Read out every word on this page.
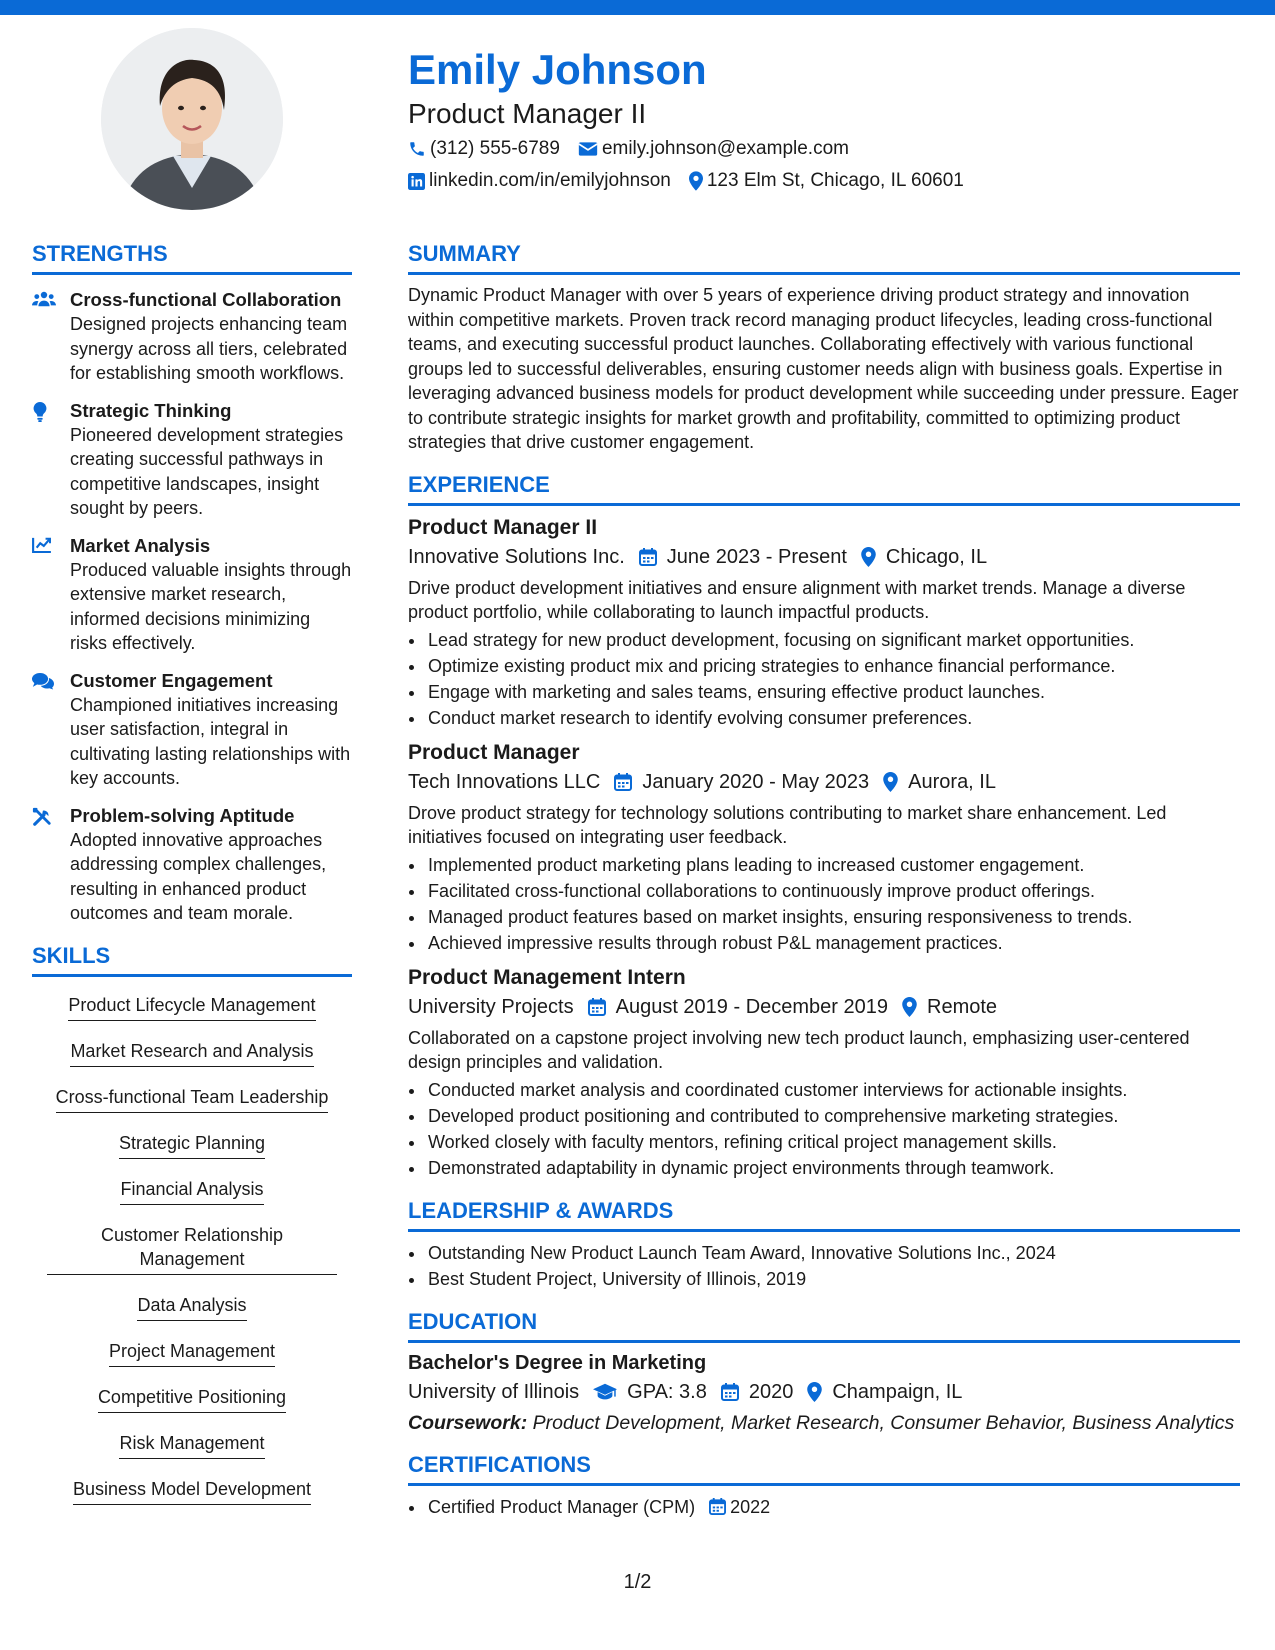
Emily Johnson
Product Manager II
(312) 555-6789 emily.johnson@example.com
linkedin.com/in/emilyjohnson 123 Elm St, Chicago, IL 60601
STRENGTHS
Cross-functional Collaboration
Designed projects enhancing team synergy across all tiers, celebrated for establishing smooth workflows.
Strategic Thinking
Pioneered development strategies creating successful pathways in competitive landscapes, insight sought by peers.
Market Analysis
Produced valuable insights through extensive market research, informed decisions minimizing risks effectively.
Customer Engagement
Championed initiatives increasing user satisfaction, integral in cultivating lasting relationships with key accounts.
Problem-solving Aptitude
Adopted innovative approaches addressing complex challenges, resulting in enhanced product outcomes and team morale.
SKILLS
Product Lifecycle Management
Market Research and Analysis
Cross-functional Team Leadership
Strategic Planning
Financial Analysis
Customer Relationship Management
Data Analysis
Project Management
Competitive Positioning
Risk Management
Business Model Development
SUMMARY
Dynamic Product Manager with over 5 years of experience driving product strategy and innovation within competitive markets. Proven track record managing product lifecycles, leading cross-functional teams, and executing successful product launches. Collaborating effectively with various functional groups led to successful deliverables, ensuring customer needs align with business goals. Expertise in leveraging advanced business models for product development while succeeding under pressure. Eager to contribute strategic insights for market growth and profitability, committed to optimizing product strategies that drive customer engagement.
EXPERIENCE
Product Manager II
Innovative Solutions Inc. June 2023 - Present Chicago, IL
Drive product development initiatives and ensure alignment with market trends. Manage a diverse product portfolio, while collaborating to launch impactful products.
• Lead strategy for new product development, focusing on significant market opportunities.
• Optimize existing product mix and pricing strategies to enhance financial performance.
• Engage with marketing and sales teams, ensuring effective product launches.
• Conduct market research to identify evolving consumer preferences.
Product Manager
Tech Innovations LLC January 2020 - May 2023 Aurora, IL
Drove product strategy for technology solutions contributing to market share enhancement. Led initiatives focused on integrating user feedback.
• Implemented product marketing plans leading to increased customer engagement.
• Facilitated cross-functional collaborations to continuously improve product offerings.
• Managed product features based on market insights, ensuring responsiveness to trends.
• Achieved impressive results through robust P&L management practices.
Product Management Intern
University Projects August 2019 - December 2019 Remote
Collaborated on a capstone project involving new tech product launch, emphasizing user-centered design principles and validation.
• Conducted market analysis and coordinated customer interviews for actionable insights.
• Developed product positioning and contributed to comprehensive marketing strategies.
• Worked closely with faculty mentors, refining critical project management skills.
• Demonstrated adaptability in dynamic project environments through teamwork.
LEADERSHIP & AWARDS
• Outstanding New Product Launch Team Award, Innovative Solutions Inc., 2024
• Best Student Project, University of Illinois, 2019
EDUCATION
Bachelor's Degree in Marketing
University of Illinois GPA: 3.8 2020 Champaign, IL
Coursework: Product Development, Market Research, Consumer Behavior, Business Analytics
CERTIFICATIONS
• Certified Product Manager (CPM) 2022
1/2
